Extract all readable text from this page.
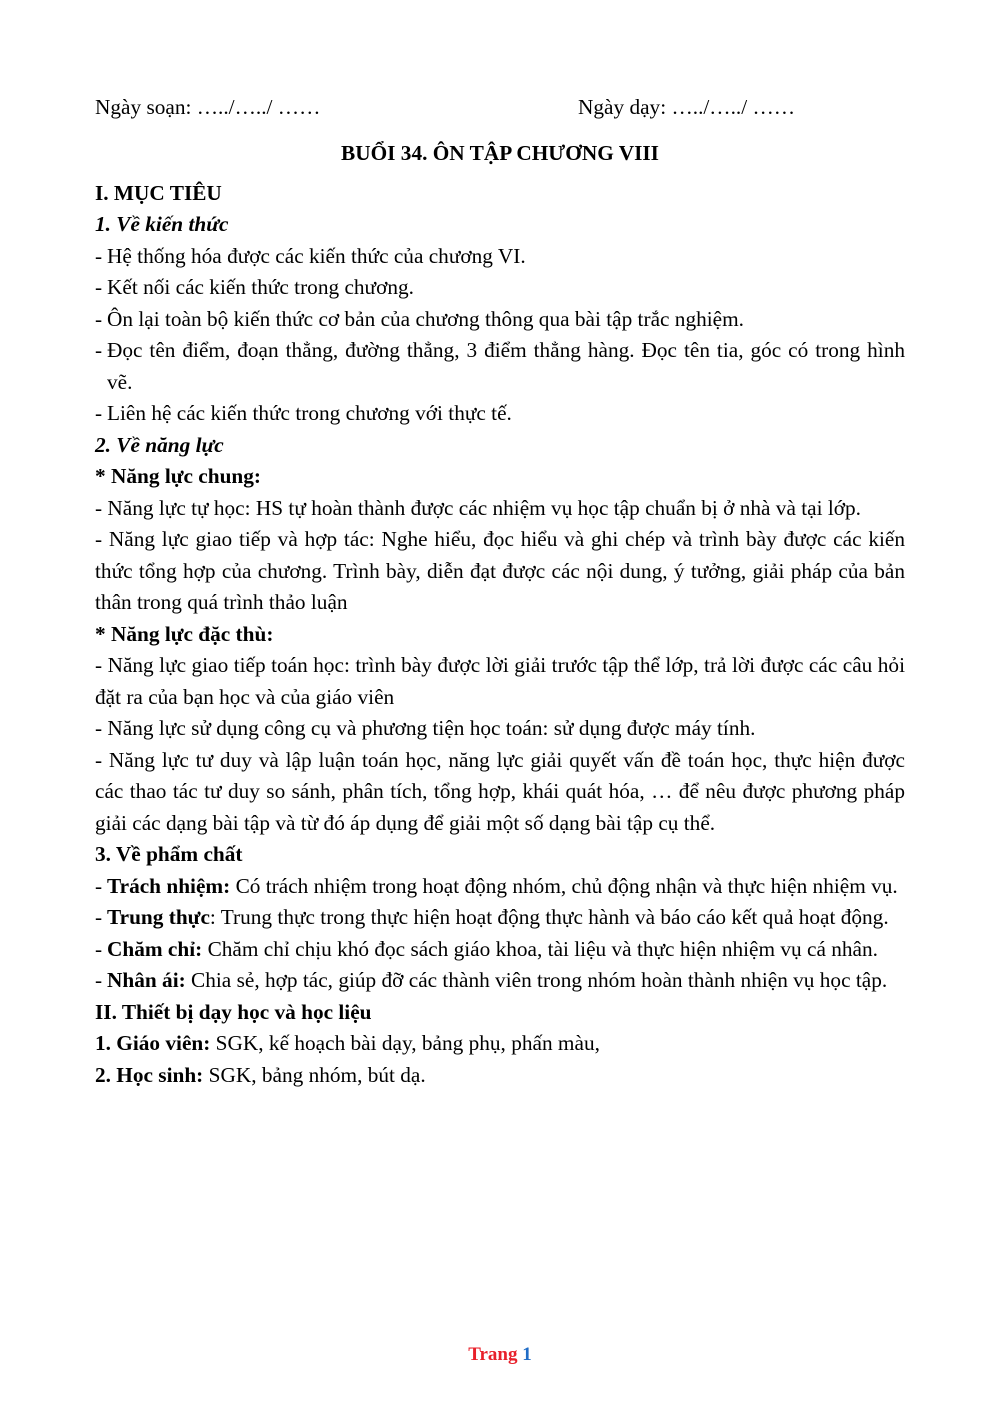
Ngày soạn: …../…../ ……	Ngày dạy: …../…../ ……
BUỔI 34. ÔN TẬP CHƯƠNG VIII
I. MỤC TIÊU
1. Về kiến thức
- Hệ thống hóa được các kiến thức của chương VI.
- Kết nối các kiến thức trong chương.
- Ôn lại toàn bộ kiến thức cơ bản của chương thông qua bài tập trắc nghiệm.
- Đọc tên điểm, đoạn thẳng, đường thẳng, 3 điểm thẳng hàng. Đọc tên tia, góc có trong hình vẽ.
- Liên hệ các kiến thức trong chương với thực tế.
2. Về năng lực
* Năng lực chung:
- Năng lực tự học: HS tự hoàn thành được các nhiệm vụ học tập chuẩn bị ở nhà và tại lớp.
- Năng lực giao tiếp và hợp tác: Nghe hiểu, đọc hiểu và ghi chép và trình bày được các kiến thức tổng hợp của chương. Trình bày, diễn đạt được các nội dung, ý tưởng, giải pháp của bản thân trong quá trình thảo luận
* Năng lực đặc thù:
- Năng lực giao tiếp toán học: trình bày được lời giải trước tập thể lớp, trả lời được các câu hỏi đặt ra của bạn học và của giáo viên
- Năng lực sử dụng công cụ và phương tiện học toán: sử dụng được máy tính.
- Năng lực tư duy và lập luận toán học, năng lực giải quyết vấn đề toán học, thực hiện được các thao tác tư duy so sánh, phân tích, tổng hợp, khái quát hóa, … để nêu được phương pháp giải các dạng bài tập và từ đó áp dụng để giải một số dạng bài tập cụ thể.
3. Về phẩm chất
- Trách nhiệm: Có trách nhiệm trong hoạt động nhóm, chủ động nhận và thực hiện nhiệm vụ.
- Trung thực: Trung thực trong thực hiện hoạt động thực hành và báo cáo kết quả hoạt động.
- Chăm chỉ: Chăm chỉ chịu khó đọc sách giáo khoa, tài liệu và thực hiện nhiệm vụ cá nhân.
- Nhân ái: Chia sẻ, hợp tác, giúp đỡ các thành viên trong nhóm hoàn thành nhiện vụ học tập.
II. Thiết bị dạy học và học liệu
1. Giáo viên: SGK, kế hoạch bài dạy, bảng phụ, phấn màu,
2. Học sinh: SGK, bảng nhóm, bút dạ.
Trang 1
